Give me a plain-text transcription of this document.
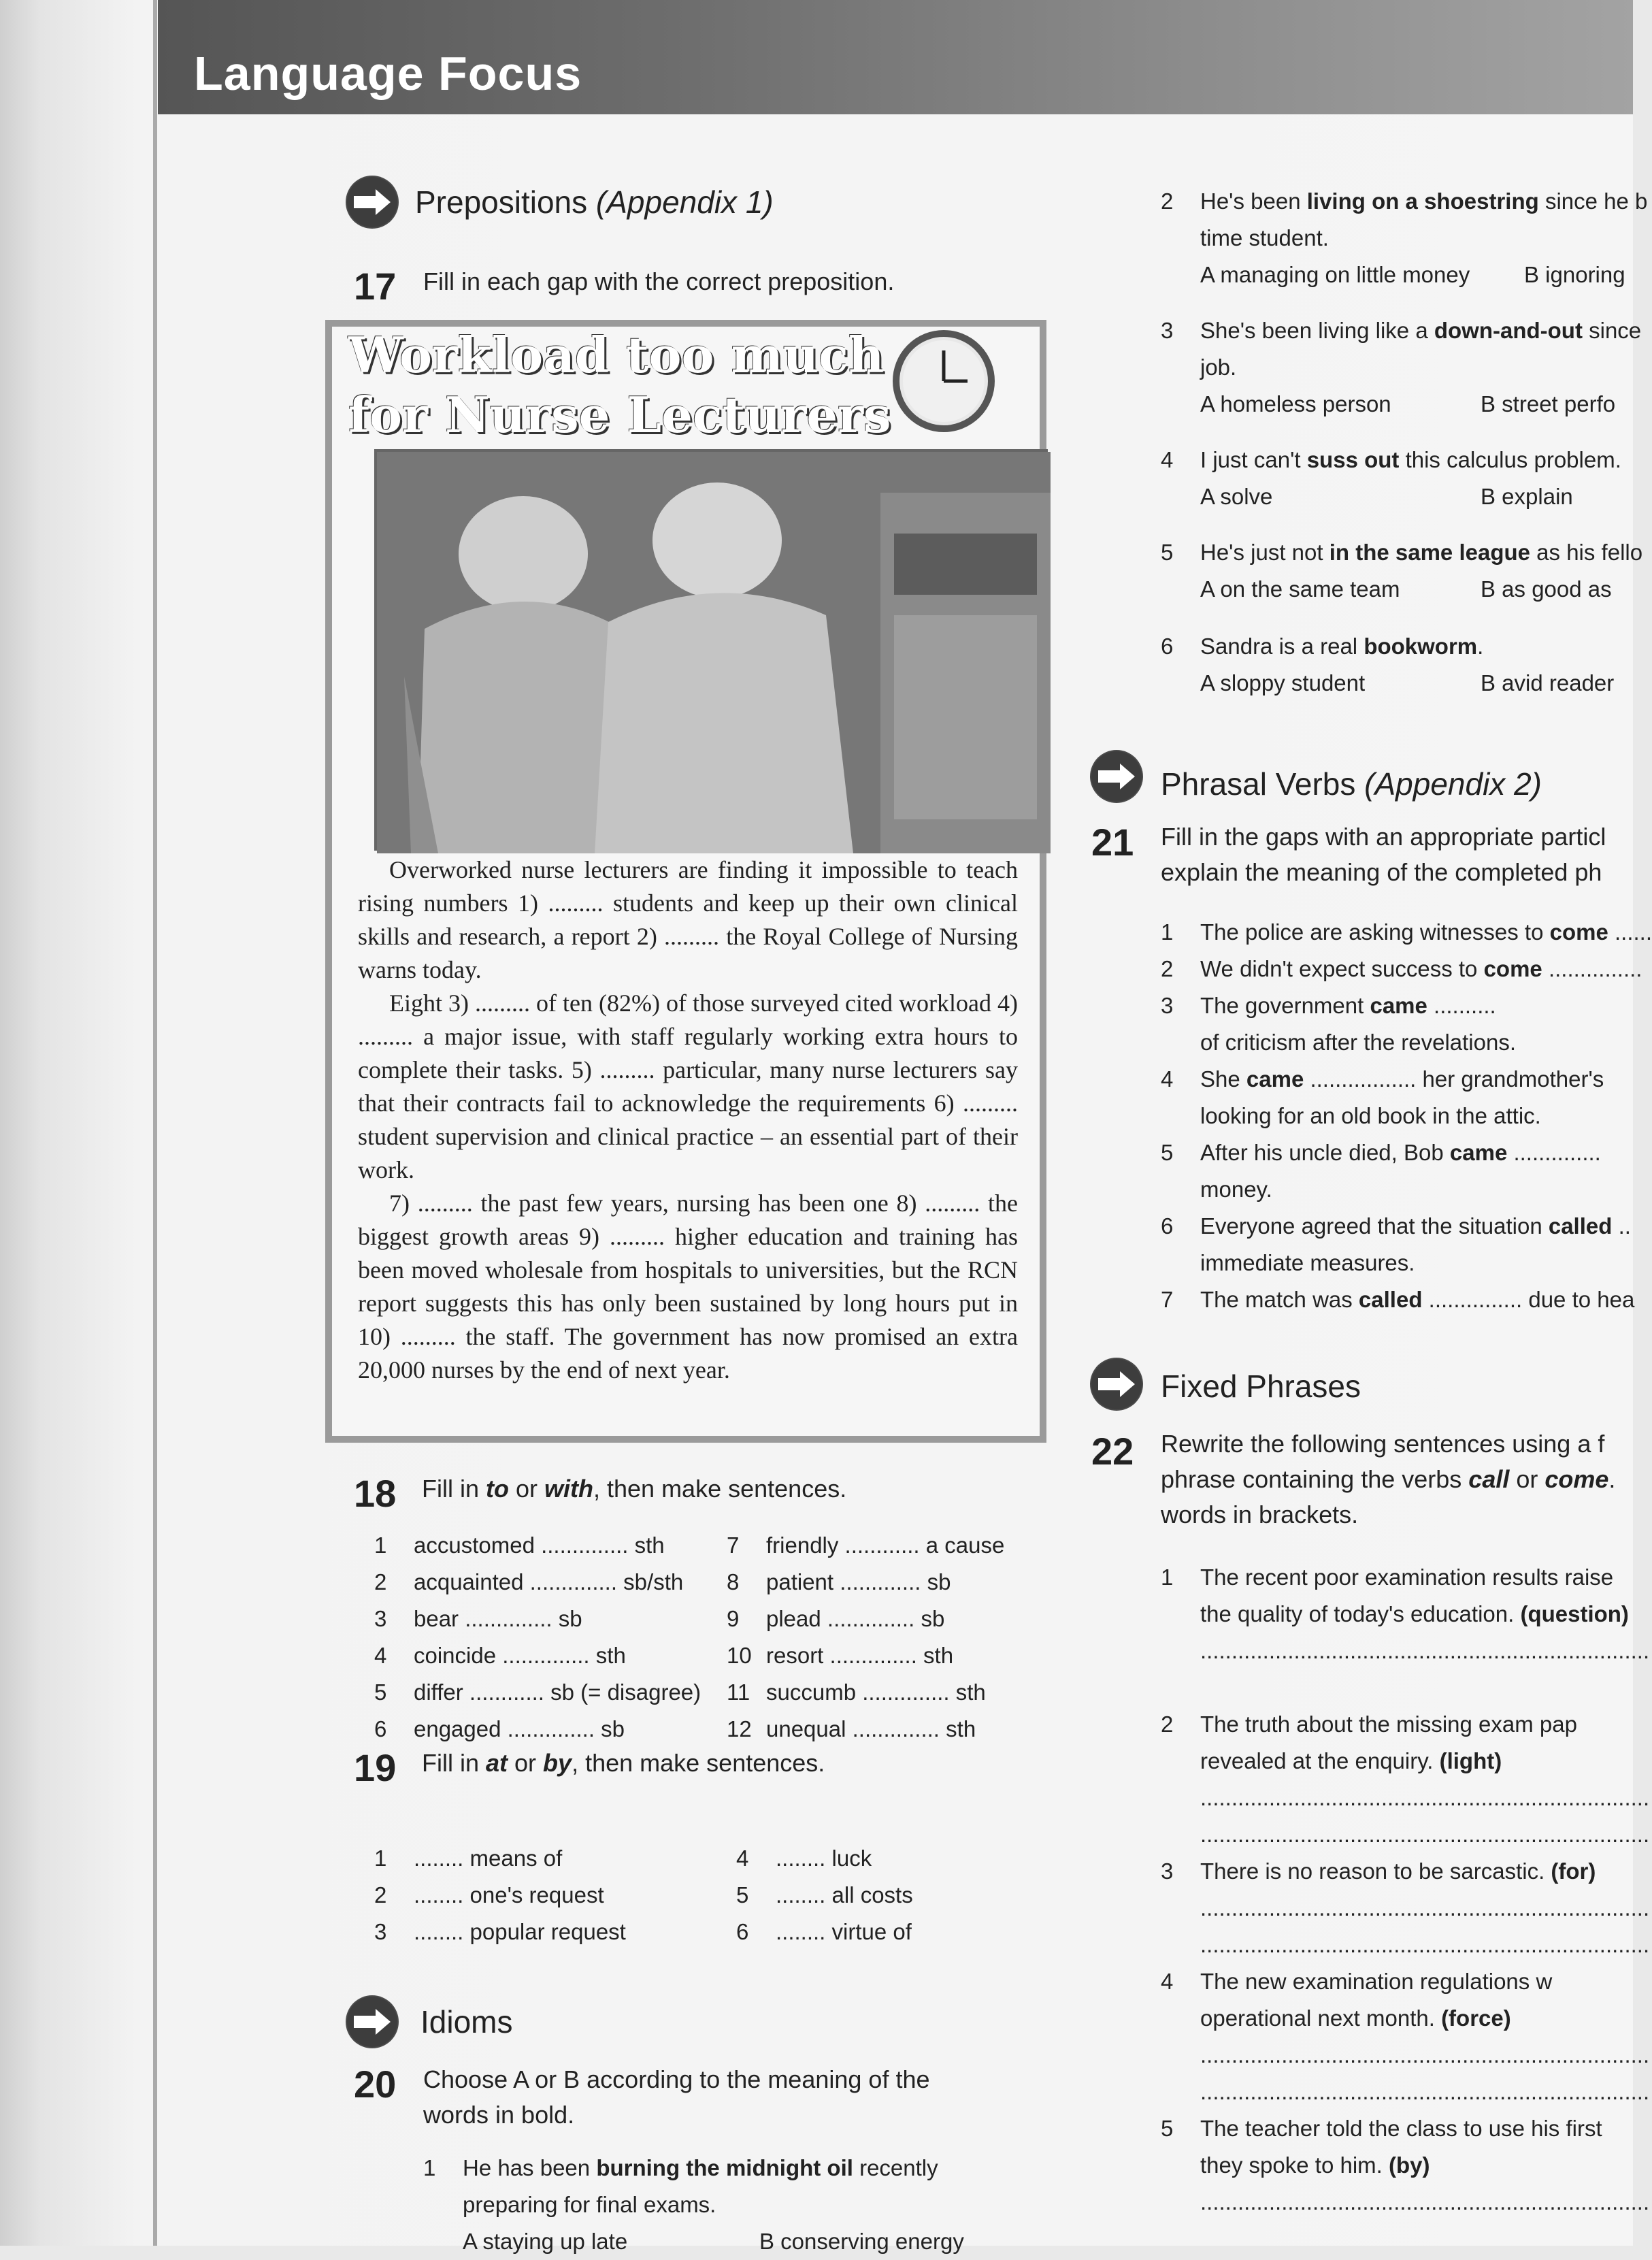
Language Focus
Prepositions (Appendix 1)
17 Fill in each gap with the correct preposition.
Workload too much
for Nurse Lecturers

Overworked nurse lecturers are finding it impossible to teach rising numbers 1) ......... students and keep up their own clinical skills and research, a report 2) ......... the Royal College of Nursing warns today.

Eight 3) ......... of ten (82%) of those surveyed cited workload 4) ......... a major issue, with staff regularly working extra hours to complete their tasks. 5) ......... particular, many nurse lecturers say that their contracts fail to acknowledge the requirements 6) ......... student supervision and clinical practice – an essential part of their work.

7) ......... the past few years, nursing has been one 8) ......... the biggest growth areas 9) ......... higher education and training has been moved wholesale from hospitals to universities, but the RCN report suggests this has only been sustained by long hours put in 10) ......... the staff. The government has now promised an extra 20,000 nurses by the end of next year.

18 Fill in to or with, then make sentences.
1 accustomed .............. sth
2 acquainted .............. sb/sth
3 bear .............. sb
4 coincide .............. sth
5 differ ............ sb (= disagree)
6 engaged .............. sb
7 friendly ............ a cause
8 patient ............. sb
9 plead .............. sb
10 resort .............. sth
11 succumb .............. sth
12 unequal .............. sth
19 Fill in at or by, then make sentences.
1 ........ means of
2 ........ one's request
3 ........ popular request
4 ........ luck
5 ........ all costs
6 ........ virtue of
Idioms
20 Choose A or B according to the meaning of the
words in bold.
1 He has been burning the midnight oil recently
preparing for final exams.
A staying up late	B conserving energy
2 He's been living on a shoestring since he b
time student.
A managing on little money B ignoring
3 She's been living like a down-and-out since
job.
A homeless person	B street perfo
4 I just can't suss out this calculus problem.
A solve	B explain
5 He's just not in the same league as his fello
A on the same team	B as good as
6 Sandra is a real bookworm.
A sloppy student	B avid reader
Phrasal Verbs (Appendix 2)
21 Fill in the gaps with an appropriate particl
explain the meaning of the completed ph
1 The police are asking witnesses to come ......
2 We didn't expect success to come ...............
3 The government came ..........
of criticism after the revelations.
4 She came ................. her grandmother's
looking for an old book in the attic.
5 After his uncle died, Bob came ..............
money.
6 Everyone agreed that the situation called ..
immediate measures.
7 The match was called ............... due to hea
Fixed Phrases
22 Rewrite the following sentences using a f
phrase containing the verbs call or come.
words in brackets.
1 The recent poor examination results raise
the quality of today's education. (question)
........................................................................
2 The truth about the missing exam pap
revealed at the enquiry. (light)
........................................................................
........................................................................
3 There is no reason to be sarcastic. (for)
........................................................................
........................................................................
4 The new examination regulations w
operational next month. (force)
........................................................................
........................................................................
5 The teacher told the class to use his first
they spoke to him. (by)
........................................................................
